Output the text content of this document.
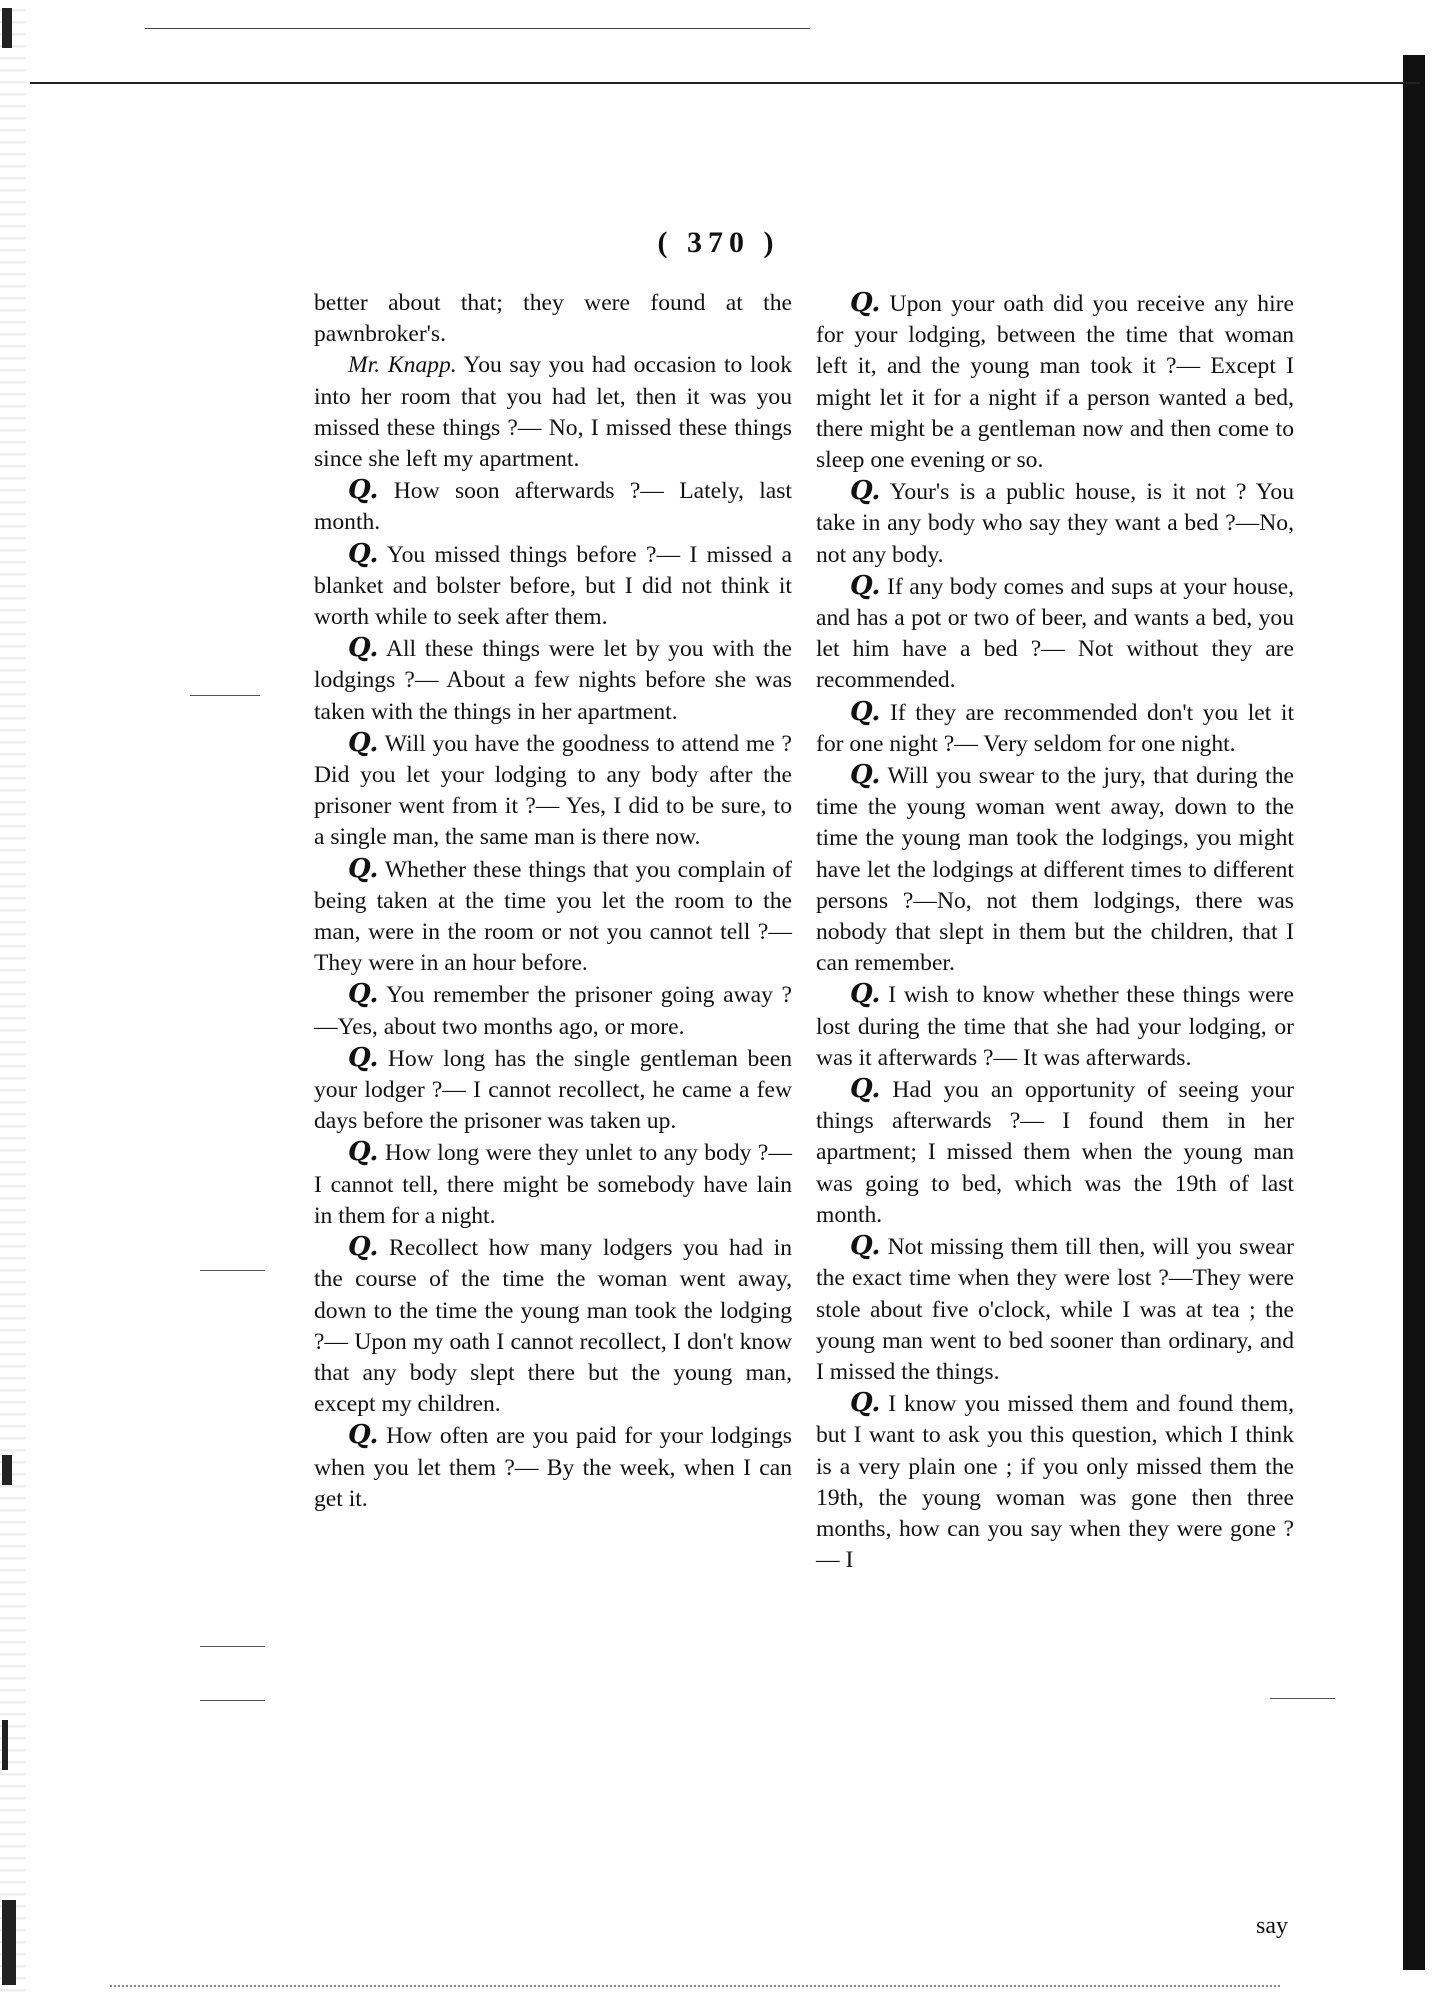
( 370 )

better about that; they were found at the pawnbroker's.

Mr. Knapp. You say you had occasion to look into her room that you had let, then it was you missed these things ?— No, I missed these things since she left my apartment.

Q. How soon afterwards ?— Lately, last month.

Q. You missed things before ?— I missed a blanket and bolster before, but I did not think it worth while to seek after them.

Q. All these things were let by you with the lodgings ?— About a few nights before she was taken with the things in her apartment.

Q. Will you have the goodness to attend me ? Did you let your lodging to any body after the prisoner went from it ?— Yes, I did to be sure, to a single man, the same man is there now.

Q. Whether these things that you complain of being taken at the time you let the room to the man, were in the room or not you cannot tell ?— They were in an hour before.

Q. You remember the prisoner going away ?—Yes, about two months ago, or more.

Q. How long has the single gentleman been your lodger ?— I cannot recollect, he came a few days before the prisoner was taken up.

Q. How long were they unlet to any body ?— I cannot tell, there might be somebody have lain in them for a night.

Q. Recollect how many lodgers you had in the course of the time the woman went away, down to the time the young man took the lodging ?— Upon my oath I cannot recollect, I don't know that any body slept there but the young man, except my children.

Q. How often are you paid for your lodgings when you let them ?— By the week, when I can get it.

Q. Upon your oath did you receive any hire for your lodging, between the time that woman left it, and the young man took it ?— Except I might let it for a night if a person wanted a bed, there might be a gentleman now and then come to sleep one evening or so.

Q. Your's is a public house, is it not ? You take in any body who say they want a bed ?—No, not any body.

Q. If any body comes and sups at your house, and has a pot or two of beer, and wants a bed, you let him have a bed ?— Not without they are recommended.

Q. If they are recommended don't you let it for one night ?— Very seldom for one night.

Q. Will you swear to the jury, that during the time the young woman went away, down to the time the young man took the lodgings, you might have let the lodgings at different times to different persons ?—No, not them lodgings, there was nobody that slept in them but the children, that I can remember.

Q. I wish to know whether these things were lost during the time that she had your lodging, or was it afterwards ?— It was afterwards.

Q. Had you an opportunity of seeing your things afterwards ?— I found them in her apartment; I missed them when the young man was going to bed, which was the 19th of last month.

Q. Not missing them till then, will you swear the exact time when they were lost ?—They were stole about five o'clock, while I was at tea ; the young man went to bed sooner than ordinary, and I missed the things.

Q. I know you missed them and found them, but I want to ask you this question, which I think is a very plain one ; if you only missed them the 19th, the young woman was gone then three months, how can you say when they were gone ?— I

say
